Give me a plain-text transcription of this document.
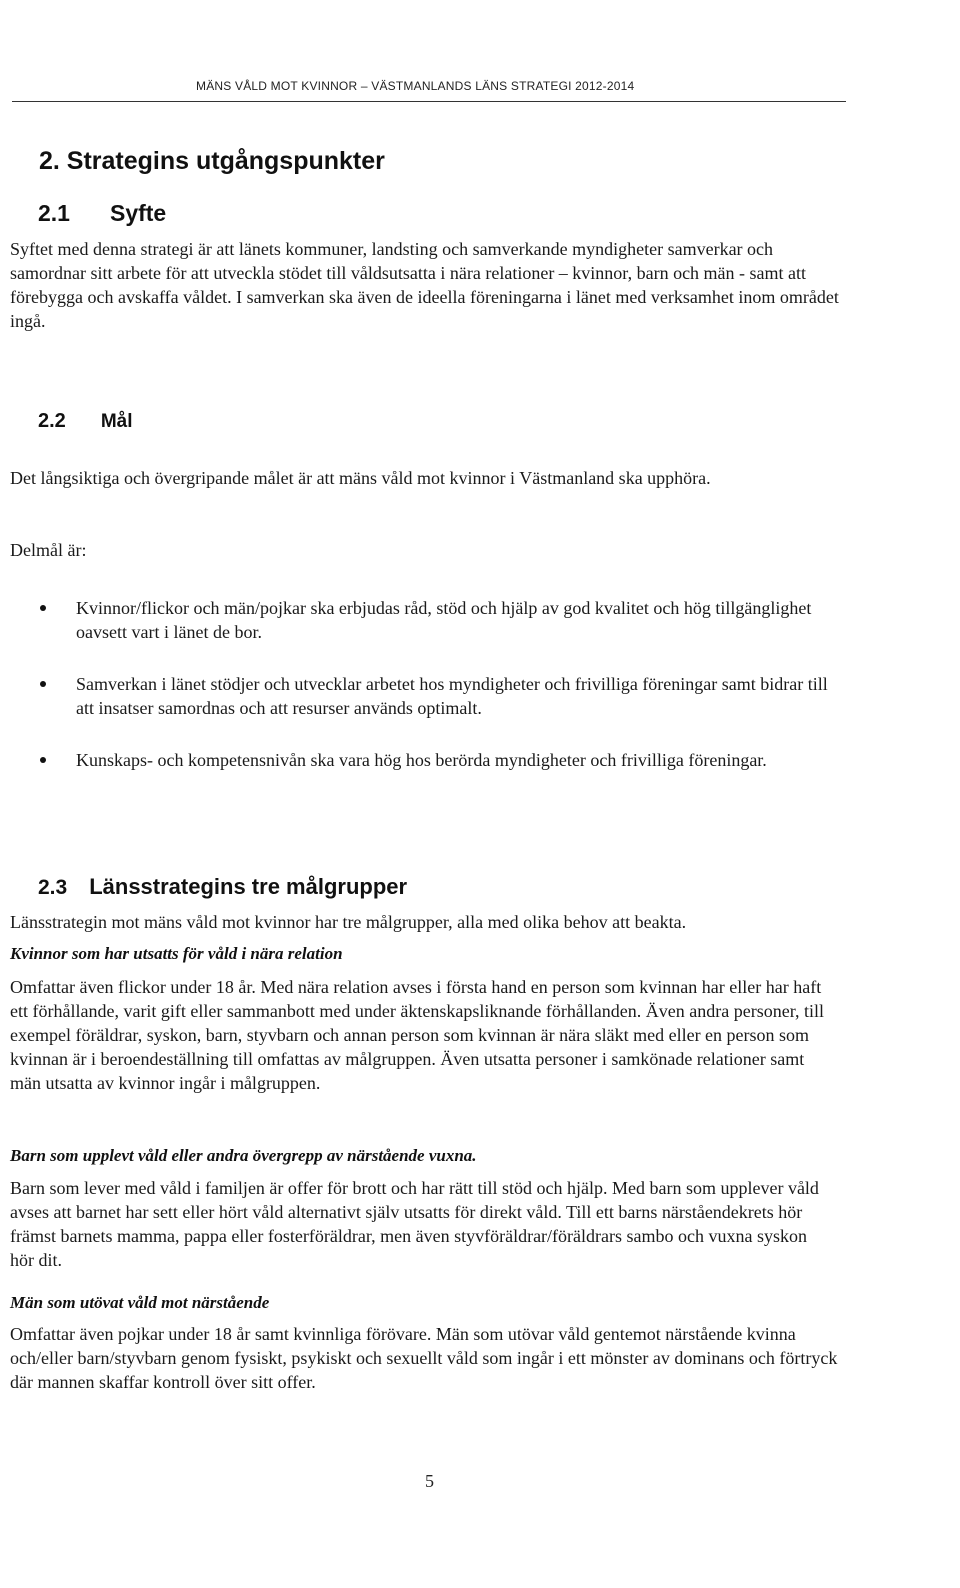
MÄNS VÅLD MOT KVINNOR – VÄSTMANLANDS LÄNS STRATEGI 2012-2014
2. Strategins utgångspunkter
2.1 Syfte
Syftet med denna strategi är att länets kommuner, landsting och samverkande myndigheter samverkar och samordnar sitt arbete för att utveckla stödet till våldsutsatta i nära relationer – kvinnor, barn och män - samt att förebygga och avskaffa våldet. I samverkan ska även de ideella föreningarna i länet med verksamhet inom området ingå.
2.2 Mål
Det långsiktiga och övergripande målet är att mäns våld mot kvinnor i Västmanland ska upphöra.
Delmål är:
Kvinnor/flickor och män/pojkar ska erbjudas råd, stöd och hjälp av god kvalitet och hög tillgänglighet oavsett vart i länet de bor.
Samverkan i länet stödjer och utvecklar arbetet hos myndigheter och frivilliga föreningar samt bidrar till att insatser samordnas och att resurser används optimalt.
Kunskaps- och kompetensnivån ska vara hög hos berörda myndigheter och frivilliga föreningar.
2.3 Länsstrategins tre målgrupper
Länsstrategin mot mäns våld mot kvinnor har tre målgrupper, alla med olika behov att beakta.
Kvinnor som har utsatts för våld i nära relation
Omfattar även flickor under 18 år. Med nära relation avses i första hand en person som kvinnan har eller har haft ett förhållande, varit gift eller sammanbott med under äktenskapsliknande förhållanden. Även andra personer, till exempel föräldrar, syskon, barn, styvbarn och annan person som kvinnan är nära släkt med eller en person som kvinnan är i beroendeställning till omfattas av målgruppen. Även utsatta personer i samkönade relationer samt män utsatta av kvinnor ingår i målgruppen.
Barn som upplevt våld eller andra övergrepp av närstående vuxna.
Barn som lever med våld i familjen är offer för brott och har rätt till stöd och hjälp. Med barn som upplever våld avses att barnet har sett eller hört våld alternativt själv utsatts för direkt våld. Till ett barns närståendekrets hör främst barnets mamma, pappa eller fosterföräldrar, men även styvföräldrar/föräldrars sambo och vuxna syskon hör dit.
Män som utövat våld mot närstående
Omfattar även pojkar under 18 år samt kvinnliga förövare. Män som utövar våld gentemot närstående kvinna och/eller barn/styvbarn genom fysiskt, psykiskt och sexuellt våld som ingår i ett mönster av dominans och förtryck där mannen skaffar kontroll över sitt offer.
5
